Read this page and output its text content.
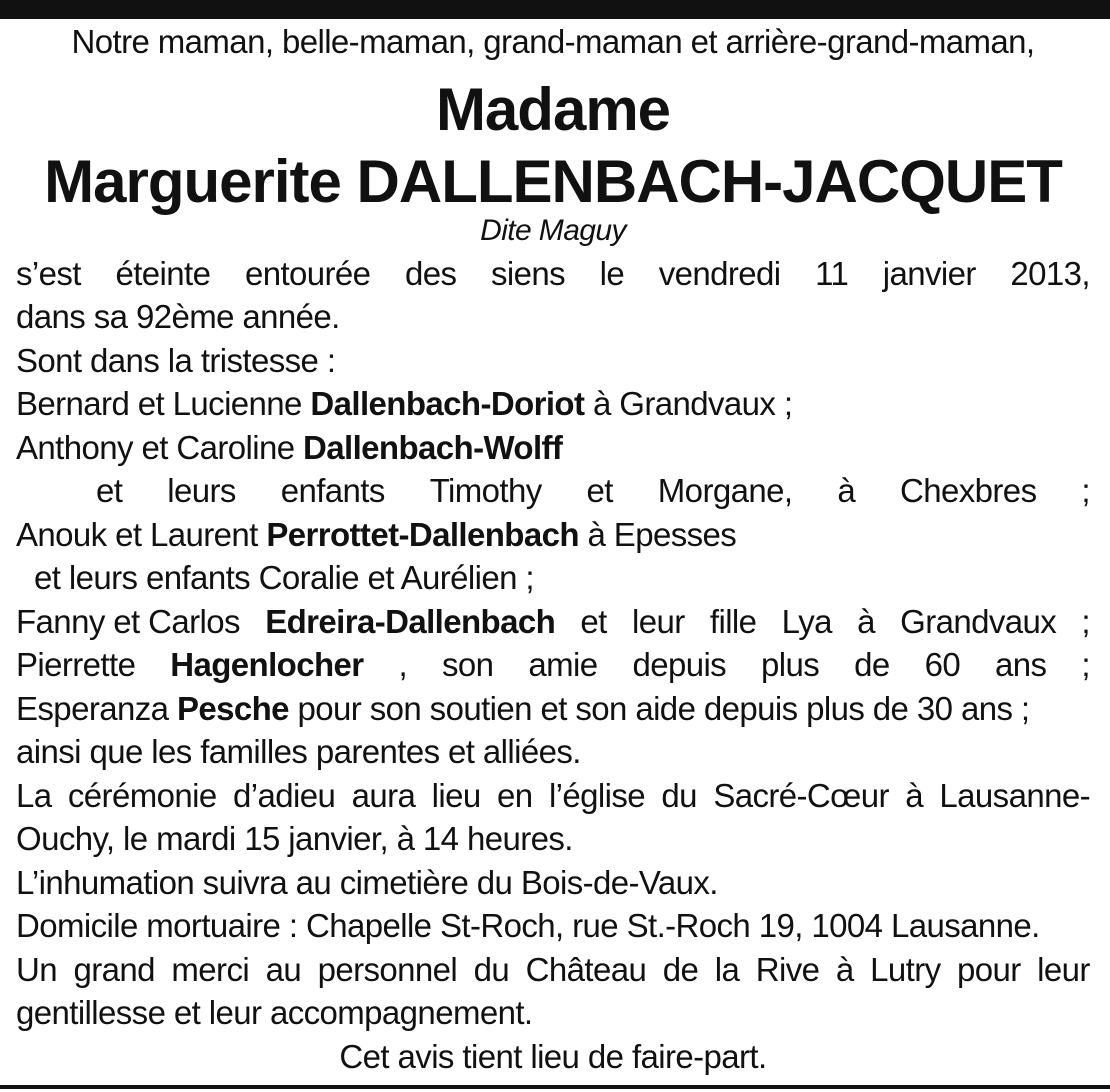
Notre maman, belle-maman, grand-maman et arrière-grand-maman,
Madame
Marguerite DALLENBACH-JACQUET
Dite Maguy
s’est éteinte entourée des siens le vendredi 11 janvier 2013,
dans sa 92ème année.
Sont dans la tristesse :
Bernard et Lucienne Dallenbach-Doriot à Grandvaux ;
Anthony et Caroline Dallenbach-Wolff
et leurs enfants Timothy et Morgane, à Chexbres ;
Anouk et Laurent Perrottet-Dallenbach à Epesses
et leurs enfants Coralie et Aurélien ;
Fanny et Carlos Edreira-Dallenbach et leur fille Lya à Grandvaux ;
Pierrette Hagenlocher , son amie depuis plus de 60 ans ;
Esperanza Pesche pour son soutien et son aide depuis plus de 30 ans ;
ainsi que les familles parentes et alliées.
La cérémonie d’adieu aura lieu en l’église du Sacré-Cœur à Lausanne-
Ouchy, le mardi 15 janvier, à 14 heures.
L’inhumation suivra au cimetière du Bois-de-Vaux.
Domicile mortuaire : Chapelle St-Roch, rue St.-Roch 19, 1004 Lausanne.
Un grand merci au personnel du Château de la Rive à Lutry pour leur
gentillesse et leur accompagnement.
Cet avis tient lieu de faire-part.
